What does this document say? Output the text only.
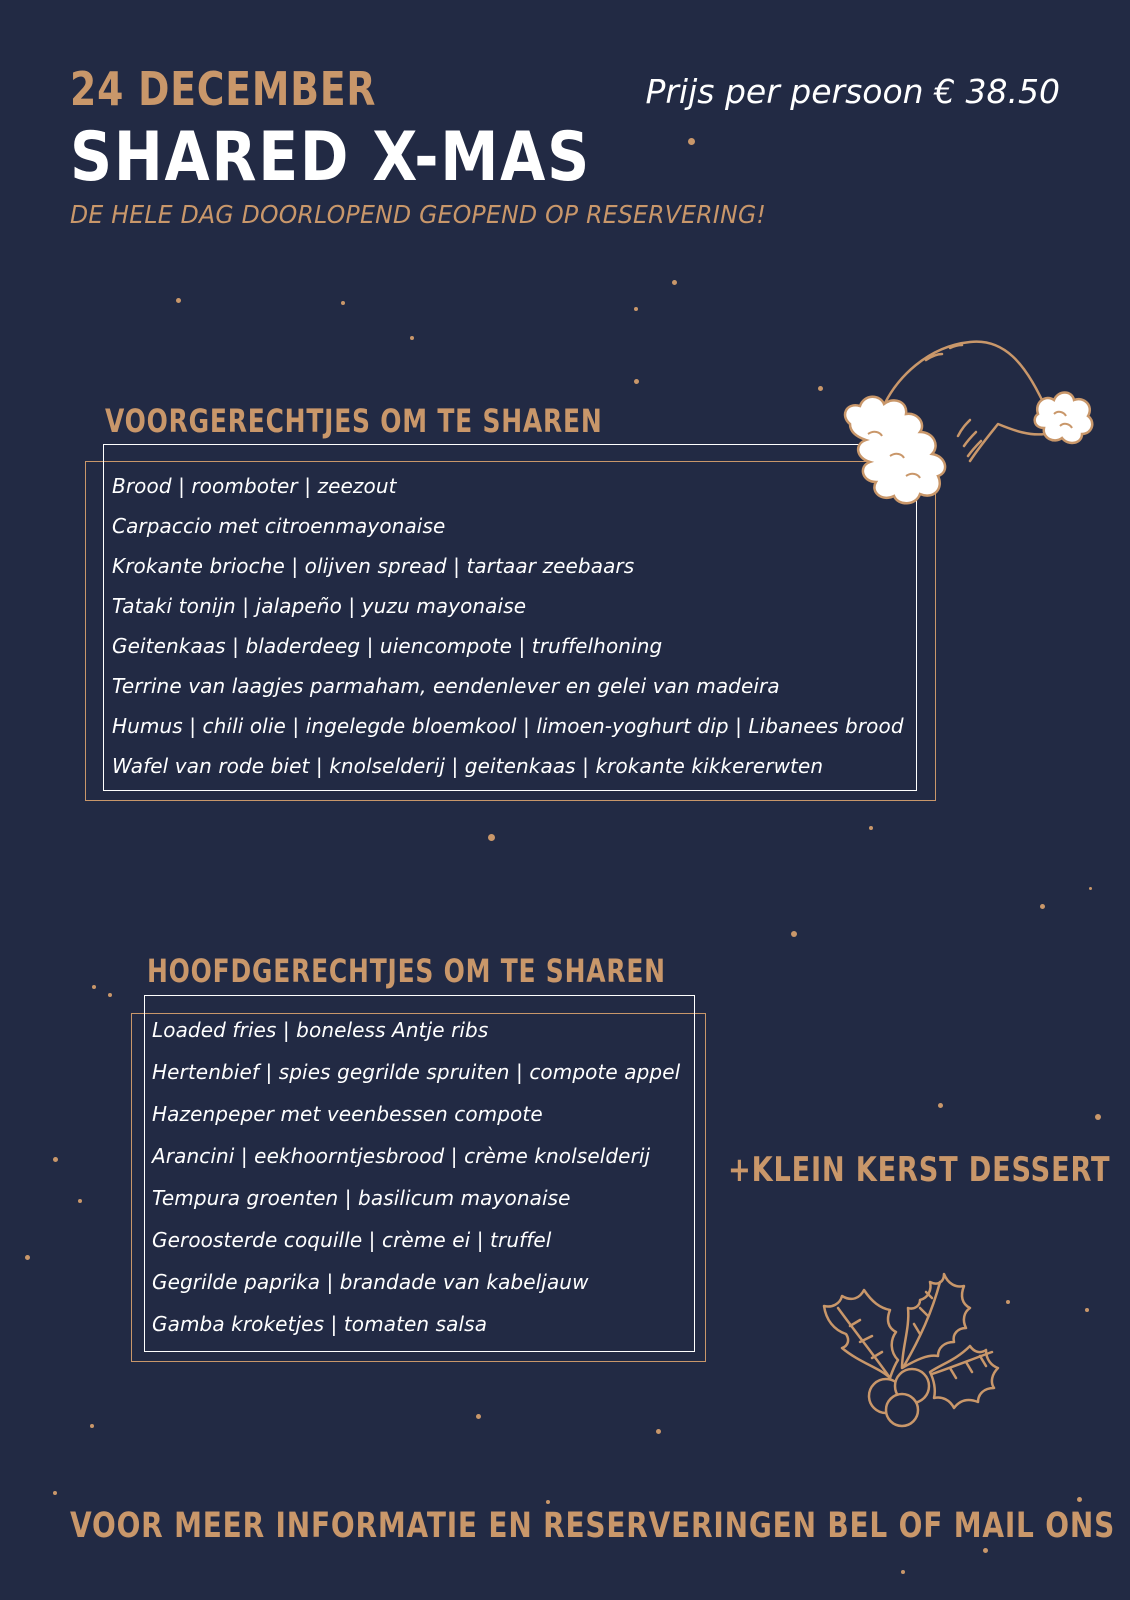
24 DECEMBER
SHARED X-MAS
DE HELE DAG DOORLOPEND GEOPEND OP RESERVERING!
Prijs per persoon € 38.50
VOORGERECHTJES OM TE SHAREN
Brood | roomboter | zeezout
Carpaccio met citroenmayonaise
Krokante brioche | olijven spread | tartaar zeebaars
Tataki tonijn | jalapeño | yuzu mayonaise
Geitenkaas | bladerdeeg | uiencompote | truffelhoning
Terrine van laagjes parmaham, eendenlever en gelei van madeira
Humus | chili olie | ingelegde bloemkool | limoen-yoghurt dip | Libanees brood
Wafel van rode biet | knolselderij | geitenkaas | krokante kikkererwten
HOOFDGERECHTJES OM TE SHAREN
Loaded fries | boneless Antje ribs
Hertenbief | spies gegrilde spruiten | compote appel
Hazenpeper met veenbessen compote
Arancini | eekhoorntjesbrood | crème knolselderij
Tempura groenten | basilicum mayonaise
Geroosterde coquille | crème ei | truffel
Gegrilde paprika | brandade van kabeljauw
Gamba kroketjes | tomaten salsa
+KLEIN KERST DESSERT
VOOR MEER INFORMATIE EN RESERVERINGEN BEL OF MAIL ONS
